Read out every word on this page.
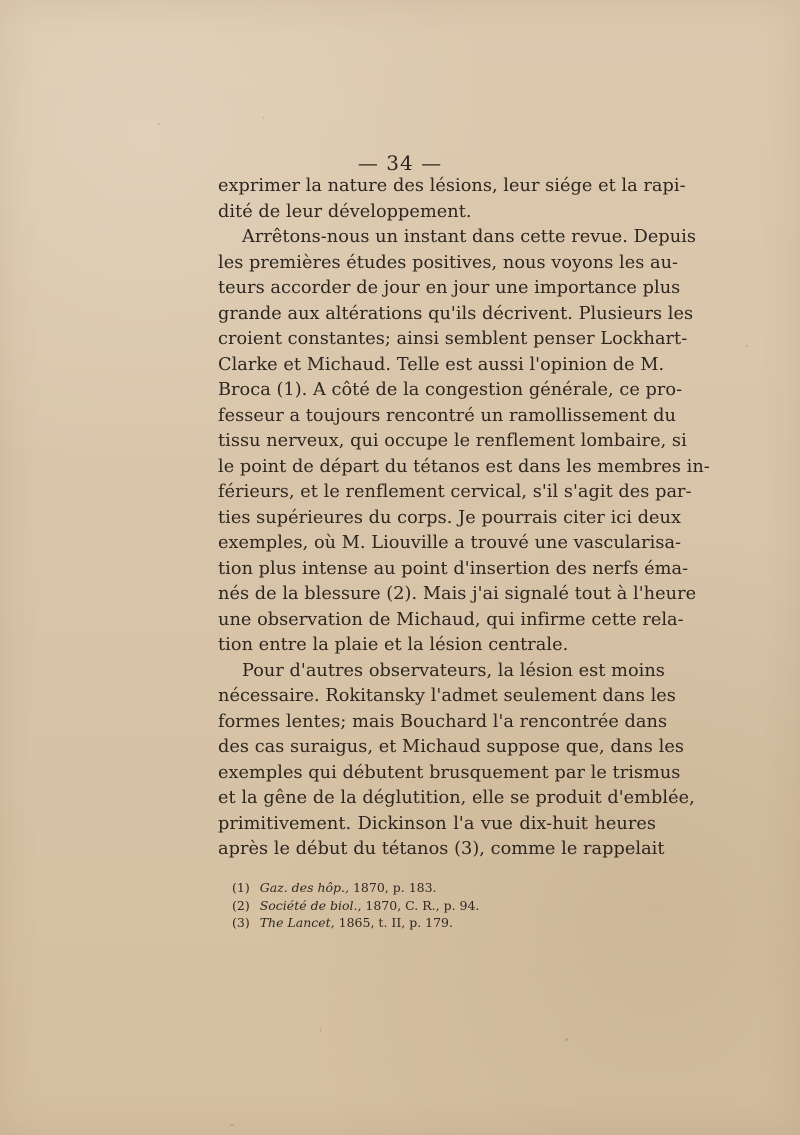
— 34 —
exprimer la nature des lésions, leur siége et la rapi-
dité de leur développement.
Arrêtons-nous un instant dans cette revue. Depuis
les premières études positives, nous voyons les au-
teurs accorder de jour en jour une importance plus
grande aux altérations qu'ils décrivent. Plusieurs les
croient constantes; ainsi semblent penser Lockhart-
Clarke et Michaud. Telle est aussi l'opinion de M.
Broca (1). A côté de la congestion générale, ce pro-
fesseur a toujours rencontré un ramollissement du
tissu nerveux, qui occupe le renflement lombaire, si
le point de départ du tétanos est dans les membres in-
férieurs, et le renflement cervical, s'il s'agit des par-
ties supérieures du corps. Je pourrais citer ici deux
exemples, où M. Liouville a trouvé une vascularisa-
tion plus intense au point d'insertion des nerfs éma-
nés de la blessure (2). Mais j'ai signalé tout à l'heure
une observation de Michaud, qui infirme cette rela-
tion entre la plaie et la lésion centrale.
Pour d'autres observateurs, la lésion est moins
nécessaire. Rokitansky l'admet seulement dans les
formes lentes; mais Bouchard l'a rencontrée dans
des cas suraigus, et Michaud suppose que, dans les
exemples qui débutent brusquement par le trismus
et la gêne de la déglutition, elle se produit d'emblée,
primitivement. Dickinson l'a vue dix-huit heures
après le début du tétanos (3), comme le rappelait
(1) Gaz. des hôp., 1870, p. 183.
(2) Société de biol., 1870, C. R., p. 94.
(3) The Lancet, 1865, t. II, p. 179.
